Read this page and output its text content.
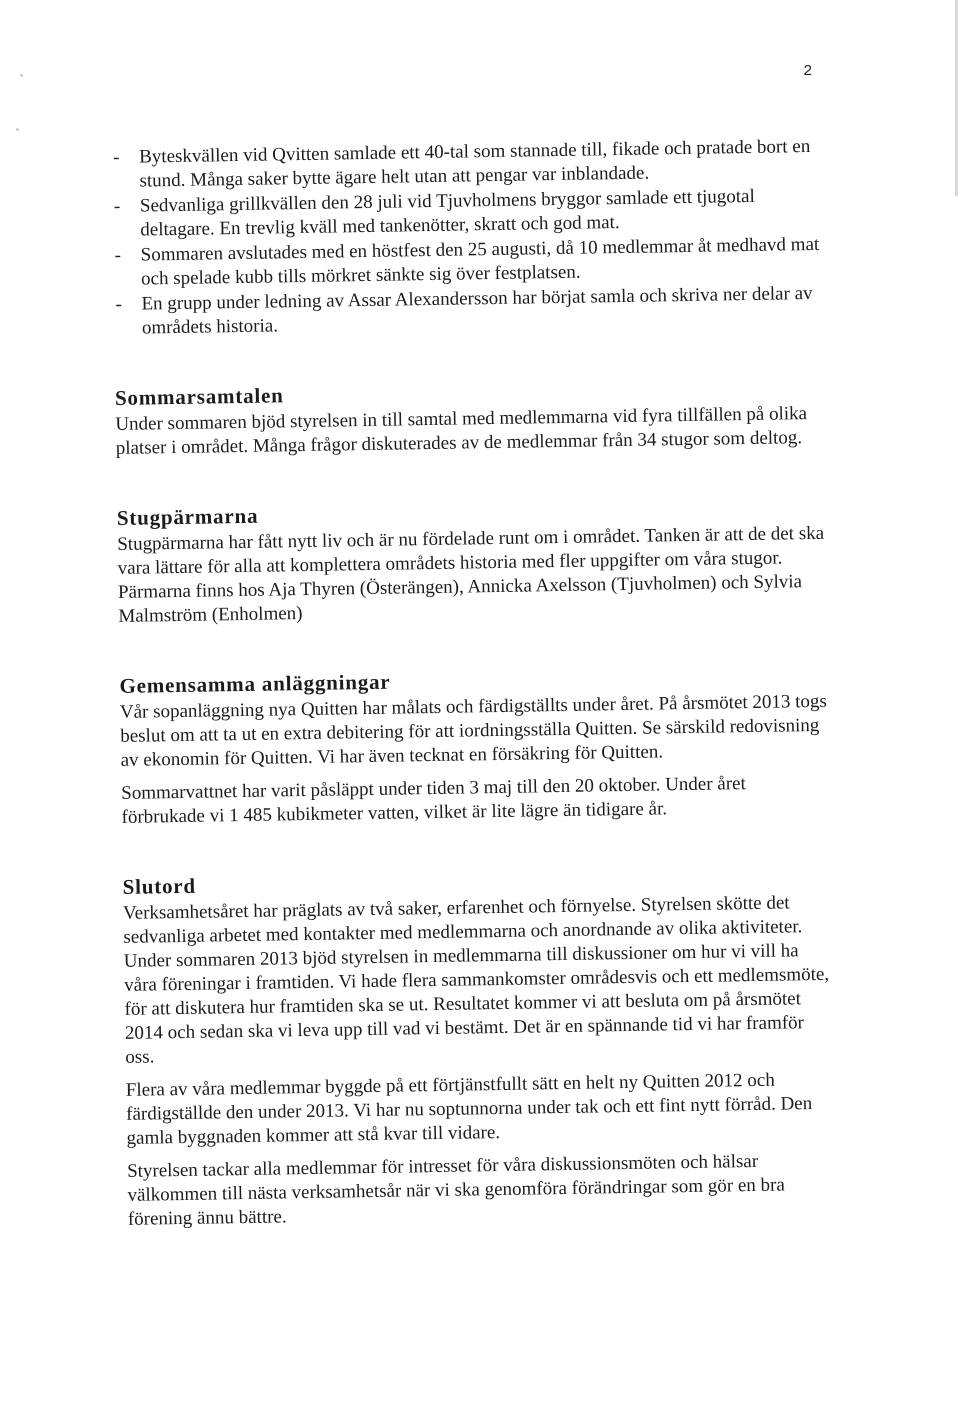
2
- Byteskvällen vid Qvitten samlade ett 40-tal som stannade till, fikade och pratade bort en stund. Många saker bytte ägare helt utan att pengar var inblandade.
- Sedvanliga grillkvällen den 28 juli vid Tjuvholmens bryggor samlade ett tjugotal deltagare. En trevlig kväll med tankenötter, skratt och god mat.
- Sommaren avslutades med en höstfest den 25 augusti, då 10 medlemmar åt medhavd mat och spelade kubb tills mörkret sänkte sig över festplatsen.
- En grupp under ledning av Assar Alexandersson har börjat samla och skriva ner delar av områdets historia.
Sommarsamtalen

Under sommaren bjöd styrelsen in till samtal med medlemmarna vid fyra tillfällen på olika platser i området. Många frågor diskuterades av de medlemmar från 34 stugor som deltog.

Stugpärmarna

Stugpärmarna har fått nytt liv och är nu fördelade runt om i området. Tanken är att de det ska vara lättare för alla att komplettera områdets historia med fler uppgifter om våra stugor. Pärmarna finns hos Aja Thyren (Österängen), Annicka Axelsson (Tjuvholmen) och Sylvia Malmström (Enholmen)

Gemensamma anläggningar

Vår sopanläggning nya Quitten har målats och färdigställts under året. På årsmötet 2013 togs beslut om att ta ut en extra debitering för att iordningsställa Quitten. Se särskild redovisning av ekonomin för Quitten. Vi har även tecknat en försäkring för Quitten.

Sommarvattnet har varit påsläppt under tiden 3 maj till den 20 oktober. Under året förbrukade vi 1 485 kubikmeter vatten, vilket är lite lägre än tidigare år.

Slutord

Verksamhetsåret har präglats av två saker, erfarenhet och förnyelse. Styrelsen skötte det sedvanliga arbetet med kontakter med medlemmarna och anordnande av olika aktiviteter. Under sommaren 2013 bjöd styrelsen in medlemmarna till diskussioner om hur vi vill ha våra föreningar i framtiden. Vi hade flera sammankomster områdesvis och ett medlemsmöte, för att diskutera hur framtiden ska se ut. Resultatet kommer vi att besluta om på årsmötet 2014 och sedan ska vi leva upp till vad vi bestämt. Det är en spännande tid vi har framför oss.

Flera av våra medlemmar byggde på ett förtjänstfullt sätt en helt ny Quitten 2012 och färdigställde den under 2013. Vi har nu soptunnorna under tak och ett fint nytt förråd. Den gamla byggnaden kommer att stå kvar till vidare.

Styrelsen tackar alla medlemmar för intresset för våra diskussionsmöten och hälsar välkommen till nästa verksamhetsår när vi ska genomföra förändringar som gör en bra förening ännu bättre.
